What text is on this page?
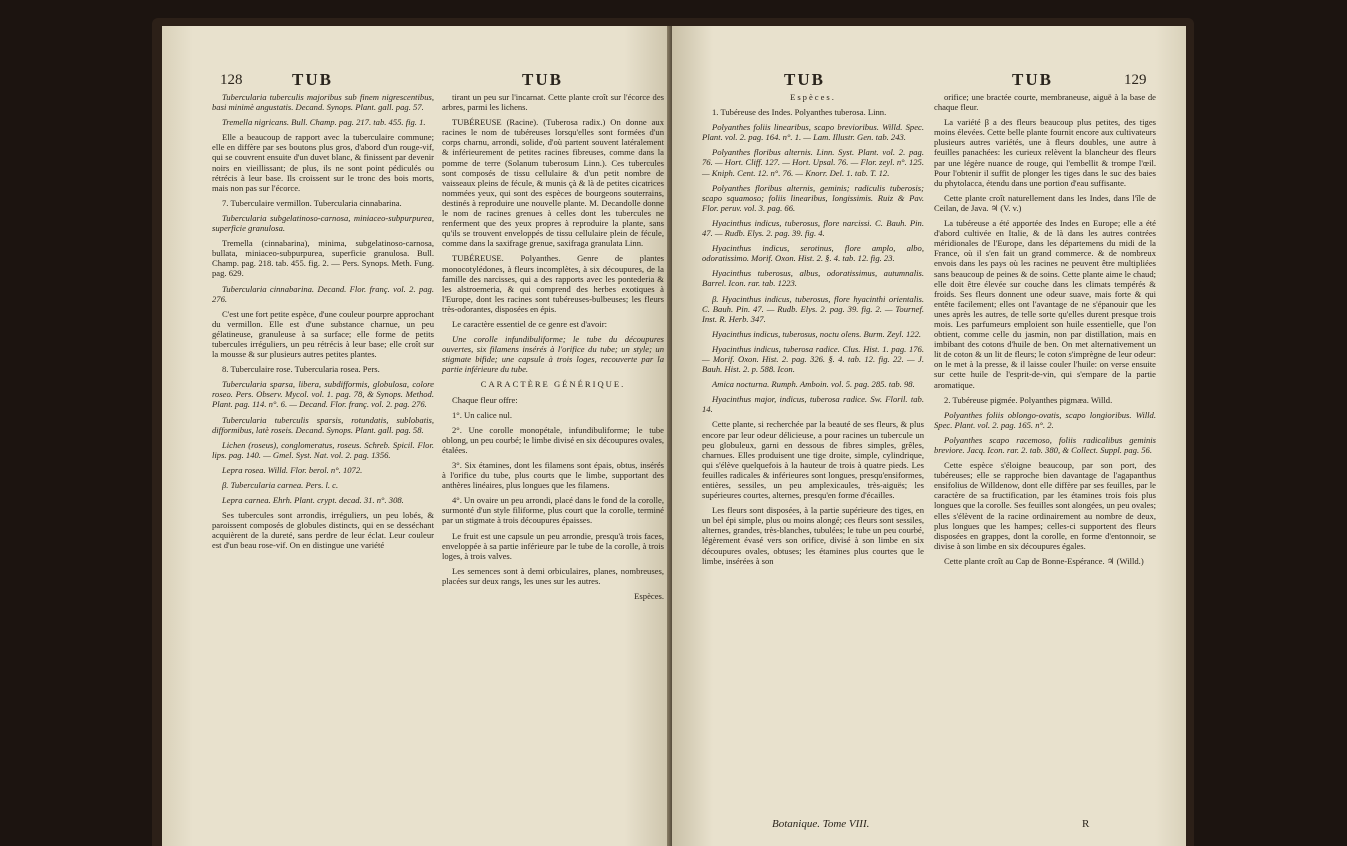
128	TUB	TUB

Tubercularia tuberculis majoribus sub finem nigrescentibus, basi minimè angustatis. Decand. Synops. Plant. gall. pag. 57.

Tremella nigricans. Bull. Champ. pag. 217. tab. 455. fig. 1.

Elle a beaucoup de rapport avec la tuberculaire commune; elle en diffère par ses boutons plus gros, d'abord d'un rouge-vif, qui se couvrent ensuite d'un duvet blanc, & finissent par devenir noirs en vieillissant; de plus, ils ne sont point pédiculés ou rétrécis à leur base. Ils croissent sur le tronc des bois morts, mais non pas sur l'écorce.

7. Tuberculaire vermillon. Tubercularia cinnabarina.

Tubercularia subgelatinoso-carnosa, miniaceo-subpurpurea, superficie granulosa.

Tremella (cinnabarina), minima, subgelatinoso-carnosa, bullata, miniaceo-subpurpurea, superficie granulosa. Bull. Champ. pag. 218. tab. 455. fig. 2. — Pers. Synops. Meth. Fung. pag. 629.

Tubercularia cinnabarina. Decand. Flor. franç. vol. 2. pag. 276.

C'est une fort petite espèce, d'une couleur pourpre approchant du vermillon. Elle est d'une substance charnue, un peu gélatineuse, granuleuse à sa surface; elle forme de petits tubercules irréguliers, un peu rétrécis à leur base; elle croît sur la mousse & sur plusieurs autres petites plantes.

8. Tuberculaire rose. Tubercularia rosea. Pers.

Tubercularia sparsa, libera, subdifformis, globulosa, colore roseo. Pers. Observ. Mycol. vol. 1. pag. 78, & Synops. Method. Plant. pag. 114. n°. 6. — Decand. Flor. franç. vol. 2. pag. 276.

Tubercularia tuberculis sparsis, rotundatis, sublobatis, difformibus, latè roseis. Decand. Synops. Plant. gall. pag. 58.

Lichen (roseus), conglomeratus, roseus. Schreb. Spicil. Flor. lips. pag. 140. — Gmel. Syst. Nat. vol. 2. pag. 1356.

Lepra rosea. Willd. Flor. berol. n°. 1072.

β. Tubercularia carnea. Pers. l. c.

Lepra carnea. Ehrh. Plant. crypt. decad. 31. n°. 308.

Ses tubercules sont arrondis, irréguliers, un peu lobés, & paroissent composés de globules distincts, qui en se desséchant acquièrent de la dureté, sans perdre de leur éclat. Leur couleur est d'un beau rose-vif. On en distingue une variété

tirant un peu sur l'incarnat. Cette plante croît sur l'écorce des arbres, parmi les lichens.

TUBÉREUSE (Racine). (Tuberosa radix.) On donne aux racines le nom de tubéreuses lorsqu'elles sont formées d'un corps charnu, arrondi, solide, d'où partent souvent latéralement & inférieurement de petites racines fibreuses, comme dans la pomme de terre (Solanum tuberosum Linn.). Ces tubercules sont composés de tissu cellulaire & d'un petit nombre de vaisseaux pleins de fécule, & munis çà & là de petites cicatrices nommées yeux, qui sont des espèces de bourgeons souterrains, destinés à reproduire une nouvelle plante. M. Decandolle donne le nom de racines grenues à celles dont les tubercules ne renferment que des yeux propres à reproduire la plante, sans qu'ils se trouvent enveloppés de tissu cellulaire plein de fécule, comme dans la saxifrage grenue, saxifraga granulata Linn.

TUBÉREUSE. Polyanthes. Genre de plantes monocotylédones, à fleurs incomplètes, à six découpures, de la famille des narcisses, qui a des rapports avec les pontederia & les alstroemeria, & qui comprend des herbes exotiques à l'Europe, dont les racines sont tubéreuses-bulbeuses; les fleurs très-odorantes, disposées en épis.

Le caractère essentiel de ce genre est d'avoir:

Une corolle infundibuliforme; le tube du découpures ouvertes, six filamens insérés à l'orifice du tube; un style; un stigmate bifide; une capsule à trois loges, recouverte par la partie inférieure du tube.

CARACTÈRE GÉNÉRIQUE.

Chaque fleur offre:

1°. Un calice nul.

2°. Une corolle monopétale, infundibuliforme; le tube oblong, un peu courbé; le limbe divisé en six découpures ovales, étalées.

3°. Six étamines, dont les filamens sont épais, obtus, insérés à l'orifice du tube, plus courts que le limbe, supportant des anthères linéaires, plus longues que les filamens.

4°. Un ovaire un peu arrondi, placé dans le fond de la corolle, surmonté d'un style filiforme, plus court que la corolle, terminé par un stigmate à trois découpures épaisses.

Le fruit est une capsule un peu arrondie, presqu'à trois faces, enveloppée à sa partie inférieure par le tube de la corolle, à trois loges, à trois valves.

Les semences sont à demi orbiculaires, planes, nombreuses, placées sur deux rangs, les unes sur les autres.

Espèces.

TUB	TUB	129

Espèces.

1. Tubéreuse des Indes. Polyanthes tuberosa. Linn.

Polyanthes foliis linearibus, scapo brevioribus. Willd. Spec. Plant. vol. 2. pag. 164. n°. 1. — Lam. Illustr. Gen. tab. 243.

Polyanthes floribus alternis. Linn. Syst. Plant. vol. 2. pag. 76. — Hort. Cliff. 127. — Hort. Upsal. 76. — Flor. zeyl. n°. 125. — Kniph. Cent. 12. n°. 76. — Knorr. Del. 1. tab. T. 12.

Polyanthes floribus alternis, geminis; radiculis tuberosis; scapo squamoso; foliis linearibus, longissimis. Ruiz & Pav. Flor. peruv. vol. 3. pag. 66.

Hyacinthus indicus, tuberosus, flore narcissi. C. Bauh. Pin. 47. — Rudb. Elys. 2. pag. 39. fig. 4.

Hyacinthus indicus, serotinus, flore amplo, albo, odoratissimo. Morif. Oxon. Hist. 2. §. 4. tab. 12. fig. 23.

Hyacinthus tuberosus, albus, odoratissimus, autumnalis. Barrel. Icon. rar. tab. 1223.

β. Hyacinthus indicus, tuberosus, flore hyacinthi orientalis. C. Bauh. Pin. 47. — Rudb. Elys. 2. pag. 39. fig. 2. — Tournef. Inst. R. Herb. 347.

Hyacinthus indicus, tuberosus, noctu olens. Burm. Zeyl. 122.

Hyacinthus indicus, tuberosa radice. Clus. Hist. 1. pag. 176. — Morif. Oxon. Hist. 2. pag. 326. §. 4. tab. 12. fig. 22. — J. Bauh. Hist. 2. p. 588. Icon.

Amica nocturna. Rumph. Amboin. vol. 5. pag. 285. tab. 98.

Hyacinthus major, indicus, tuberosa radice. Sw. Floril. tab. 14.

Cette plante, si recherchée par la beauté de ses fleurs, & plus encore par leur odeur délicieuse, a pour racines un tubercule un peu globuleux, garni en dessous de fibres simples, grêles, charnues. Elles produisent une tige droite, simple, cylindrique, qui s'élève quelquefois à la hauteur de trois à quatre pieds. Les feuilles radicales & inférieures sont longues, presqu'ensiformes, entières, sessiles, un peu amplexicaules, très-aiguës; les supérieures courtes, alternes, presqu'en forme d'écailles.

Les fleurs sont disposées, à la partie supérieure des tiges, en un bel épi simple, plus ou moins alongé; ces fleurs sont sessiles, alternes, grandes, très-blanches, tubulées; le tube un peu courbé, légèrement évasé vers son orifice, divisé à son limbe en six découpures ovales, obtuses; les étamines plus courtes que le limbe, insérées à son

orifice; une bractée courte, membraneuse, aiguë à la base de chaque fleur.

La variété β a des fleurs beaucoup plus petites, des tiges moins élevées. Cette belle plante fournit encore aux cultivateurs plusieurs autres variétés, une à fleurs doubles, une autre à feuilles panachées: les curieux relèvent la blancheur des fleurs par une légère nuance de rouge, qui l'embellit & trompe l'œil. Pour l'obtenir il suffit de plonger les tiges dans le suc des baies du phytolacca, étendu dans une portion d'eau suffisante.

Cette plante croît naturellement dans les Indes, dans l'île de Ceilan, de Java. ♃ (V. v.)

La tubéreuse a été apportée des Indes en Europe; elle a été d'abord cultivée en Italie, & de là dans les autres contrées méridionales de l'Europe, dans les départemens du midi de la France, où il s'en fait un grand commerce. & de nombreux envois dans les pays où les racines ne peuvent être multipliées sans beaucoup de peines & de soins. Cette plante aime le chaud; elle doit être élevée sur couche dans les climats tempérés & froids. Ses fleurs donnent une odeur suave, mais forte & qui entête facilement; elles ont l'avantage de ne s'épanouir que les unes après les autres, de telle sorte qu'elles durent presque trois mois. Les parfumeurs emploient son huile essentielle, que l'on obtient, comme celle du jasmin, non par distillation, mais en imbibant des cotons d'huile de ben. On met alternativement un lit de coton & un lit de fleurs; le coton s'imprègne de leur odeur: on le met à la presse, & il laisse couler l'huile: on verse ensuite sur cette huile de l'esprit-de-vin, qui s'empare de la partie aromatique.

2. Tubéreuse pigmée. Polyanthes pigmæa. Willd.

Polyanthes foliis oblongo-ovatis, scapo longioribus. Willd. Spec. Plant. vol. 2. pag. 165. n°. 2.

Polyanthes scapo racemoso, foliis radicalibus geminis breviore. Jacq. Icon. rar. 2. tab. 380, & Collect. Suppl. pag. 56.

Cette espèce s'éloigne beaucoup, par son port, des tubéreuses; elle se rapproche bien davantage de l'agapanthus ensifolius de Willdenow, dont elle diffère par ses feuilles, par le caractère de sa fructification, par les étamines trois fois plus longues que la corolle. Ses feuilles sont alongées, un peu ovales; elles s'élèvent de la racine ordinairement au nombre de deux, plus longues que les hampes; celles-ci supportent des fleurs disposées en grappes, dont la corolle, en forme d'entonnoir, se divise à son limbe en six découpures égales.

Cette plante croît au Cap de Bonne-Espérance. ♃ (Willd.)

Botanique. Tome VIII.	R
